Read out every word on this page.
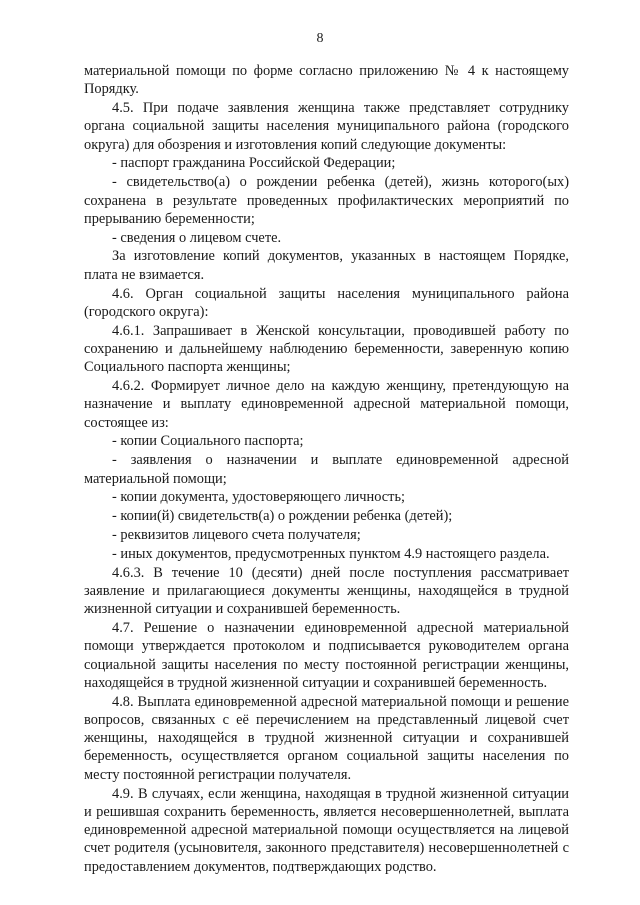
8

материальной помощи по форме согласно приложению № 4 к настоящему Порядку.

4.5. При подаче заявления женщина также представляет сотруднику органа социальной защиты населения муниципального района (городского округа) для обозрения и изготовления копий следующие документы:

- паспорт гражданина Российской Федерации;

- свидетельство(а) о рождении ребенка (детей), жизнь которого(ых) сохранена в результате проведенных профилактических мероприятий по прерыванию беременности;

- сведения о лицевом счете.

За изготовление копий документов, указанных в настоящем Порядке, плата не взимается.

4.6. Орган социальной защиты населения муниципального района (городского округа):

4.6.1. Запрашивает в Женской консультации, проводившей работу по сохранению и дальнейшему наблюдению беременности, заверенную копию Социального паспорта женщины;

4.6.2. Формирует личное дело на каждую женщину, претендующую на назначение и выплату единовременной адресной материальной помощи, состоящее из:

- копии Социального паспорта;

- заявления о назначении и выплате единовременной адресной материальной помощи;

- копии документа, удостоверяющего личность;

- копии(й) свидетельств(а) о рождении ребенка (детей);

- реквизитов лицевого счета получателя;

- иных документов, предусмотренных пунктом 4.9 настоящего раздела.

4.6.3. В течение 10 (десяти) дней после поступления рассматривает заявление и прилагающиеся документы женщины, находящейся в трудной жизненной ситуации и сохранившей беременность.

4.7. Решение о назначении единовременной адресной материальной помощи утверждается протоколом и подписывается руководителем органа социальной защиты населения по месту постоянной регистрации женщины, находящейся в трудной жизненной ситуации и сохранившей беременность.

4.8. Выплата единовременной адресной материальной помощи и решение вопросов, связанных с её перечислением на представленный лицевой счет женщины, находящейся в трудной жизненной ситуации и сохранившей беременность, осуществляется органом социальной защиты населения по месту постоянной регистрации получателя.

4.9. В случаях, если женщина, находящая в трудной жизненной ситуации и решившая сохранить беременность, является несовершеннолетней, выплата единовременной адресной материальной помощи осуществляется на лицевой счет родителя (усыновителя, законного представителя) несовершеннолетней с предоставлением документов, подтверждающих родство.
